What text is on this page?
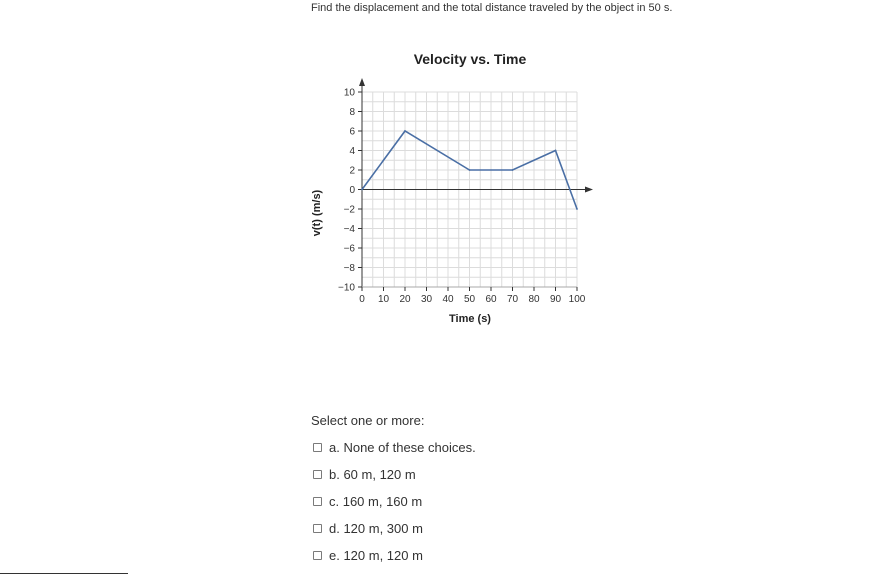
Find the displacement and the total distance traveled by the object in 50 s.
10
8
6
4
2
0
−2
−4
−6
−8
−10
0 10 20 30 40 50 60 70 80 90 100
Velocity vs. Time
Time (s)
v(t) (m/s)
Select one or more:
a. None of these choices.
b. 60 m, 120 m
c. 160 m, 160 m
d. 120 m, 300 m
e. 120 m, 120 m
